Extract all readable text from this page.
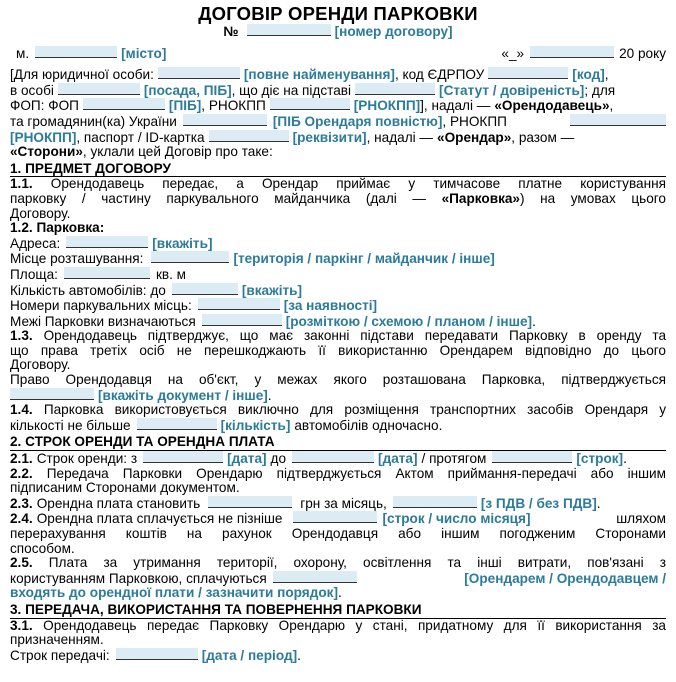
ДОГОВІР ОРЕНДИ ПАРКОВКИ
№	[номер договору]
м.	[місто]	«_»	20 року
[Для юридичної особи:	[повне найменування] , код ЄДРПОУ	[код] ,
в особі	[посада, ПІБ] , що діє на підставі	[Статут / довіреність] ; для
ФОП: ФОП	[ПІБ] , РНОКПП	[РНОКПП] ], надалі — «Орендодавець» ,
та громадянин(ка) України	[ПІБ Орендаря повністю] , РНОКПП
[РНОКПП] , паспорт / ID-картка	[реквізити] , надалі — «Орендар» , разом —
«Сторони» , уклали цей Договір про таке:
1. ПРЕДМЕТ ДОГОВОРУ
1.1. Орендодавець передає, а Орендар приймає у тимчасове платне користування
парковку / частину паркувального майданчика (далі — «Парковка») на умовах цього
Договору.
1.2. Парковка:
Адреса:	[вкажіть]
Місце розташування:	[територія / паркінг / майданчик / інше]
Площа:	кв. м
Кількість автомобілів: до	[вкажіть]
Номери паркувальних місць:	[за наявності]
Межі Парковки визначаються	[розміткою / схемою / планом / інше] .
1.3. Орендодавець підтверджує, що має законні підстави передавати Парковку в оренду та
що права третіх осіб не перешкоджають її використанню Орендарем відповідно до цього
Договору.
Право Орендодавця на об'єкт, у межах якого розташована Парковка, підтверджується
[вкажіть документ / інше] .
1.4. Парковка використовується виключно для розміщення транспортних засобів Орендаря у
кількості не більше	[кількість] автомобілів одночасно.
2. СТРОК ОРЕНДИ ТА ОРЕНДНА ПЛАТА
2.1. Строк оренди: з	[дата] до	[дата] / протягом	[строк] .
2.2. Передача Парковки Орендарю підтверджується Актом приймання-передачі або іншим
підписаним Сторонами документом.
2.3. Орендна плата становить	грн за місяць,	[з ПДВ / без ПДВ] .
2.4. Орендна плата сплачується не пізніше	[строк / число місяця]	шляхом
перерахування коштів на рахунок Орендодавця або іншим погодженим Сторонами
способом.
2.5. Плата за утримання території, охорону, освітлення та інші витрати, пов'язані з
користуванням Парковкою, сплачуються	[Орендарем / Орендодавцем /
входять до орендної плати / зазначити порядок] .
3. ПЕРЕДАЧА, ВИКОРИСТАННЯ ТА ПОВЕРНЕННЯ ПАРКОВКИ
3.1. Орендодавець передає Парковку Орендарю у стані, придатному для її використання за
призначенням.
Строк передачі:	[дата / період] .
